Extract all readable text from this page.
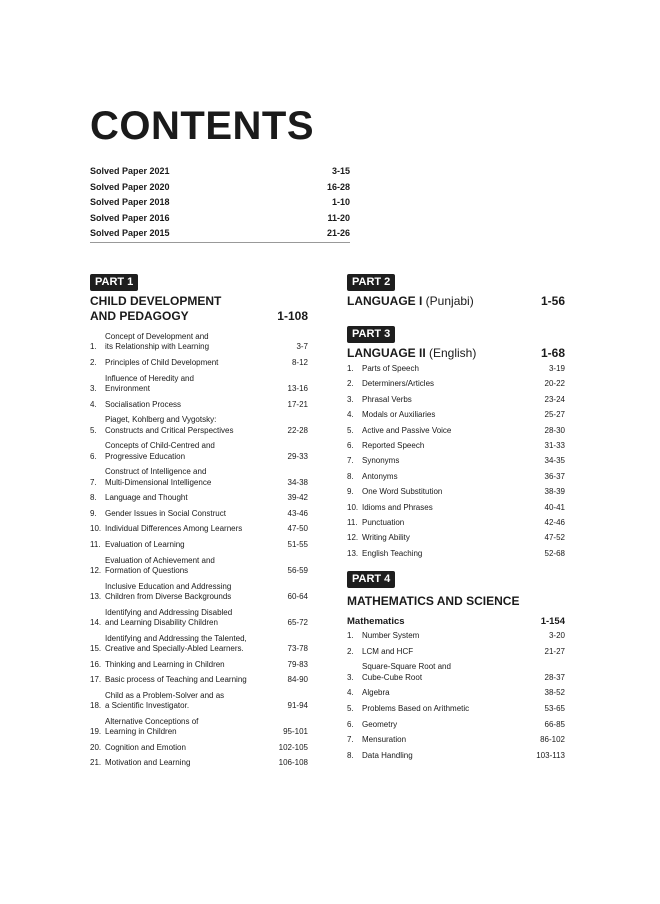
CONTENTS
Solved Paper 2021	3-15
Solved Paper 2020	16-28
Solved Paper 2018	1-10
Solved Paper 2016	11-20
Solved Paper 2015	21-26
PART 1
CHILD DEVELOPMENT
AND PEDAGOGY	1-108
1.
Concept of Development and
its Relationship with Learning	3-7
2.	Principles of Child Development	8-12
3.
Influence of Heredity and
Environment	13-16
4.	Socialisation Process	17-21
5.
Piaget, Kohlberg and Vygotsky:
Constructs and Critical Perspectives	22-28
6.
Concepts of Child-Centred and
Progressive Education	29-33
7.
Construct of Intelligence and
Multi-Dimensional Intelligence	34-38
8.	Language and Thought	39-42
9.	Gender Issues in Social Construct	43-46
10. Individual Differences Among Learners	47-50
11. Evaluation of Learning	51-55
12.
Evaluation of Achievement and
Formation of Questions	56-59
13.
Inclusive Education and Addressing
Children from Diverse Backgrounds	60-64
14.
Identifying and Addressing Disabled
and Learning Disability Children	65-72
15.
Identifying and Addressing the Talented,
Creative and Specially-Abled Learners.	73-78
16. Thinking and Learning in Children	79-83
17. Basic process of Teaching and Learning	84-90
18.
Child as a Problem-Solver and as
a Scientific Investigator.	91-94
19.
Alternative Conceptions of
Learning in Children	95-101
20. Cognition and Emotion	102-105
21. Motivation and Learning	106-108
PART 2
LANGUAGE I (Punjabi)	1-56
PART 3
LANGUAGE II (English)	1-68
1.	Parts of Speech	3-19
2.	Determiners/Articles	20-22
3.	Phrasal Verbs	23-24
4.	Modals or Auxiliaries	25-27
5.	Active and Passive Voice	28-30
6.	Reported Speech	31-33
7.	Synonyms	34-35
8.	Antonyms	36-37
9.	One Word Substitution	38-39
10. Idioms and Phrases	40-41
11. Punctuation	42-46
12. Writing Ability	47-52
13. English Teaching	52-68
PART 4
MATHEMATICS AND SCIENCE
Mathematics	1-154
1.	Number System	3-20
2.	LCM and HCF	21-27
3.
Square-Square Root and
Cube-Cube Root	28-37
4.	Algebra	38-52
5.	Problems Based on Arithmetic	53-65
6.	Geometry	66-85
7.	Mensuration	86-102
8.	Data Handling	103-113
